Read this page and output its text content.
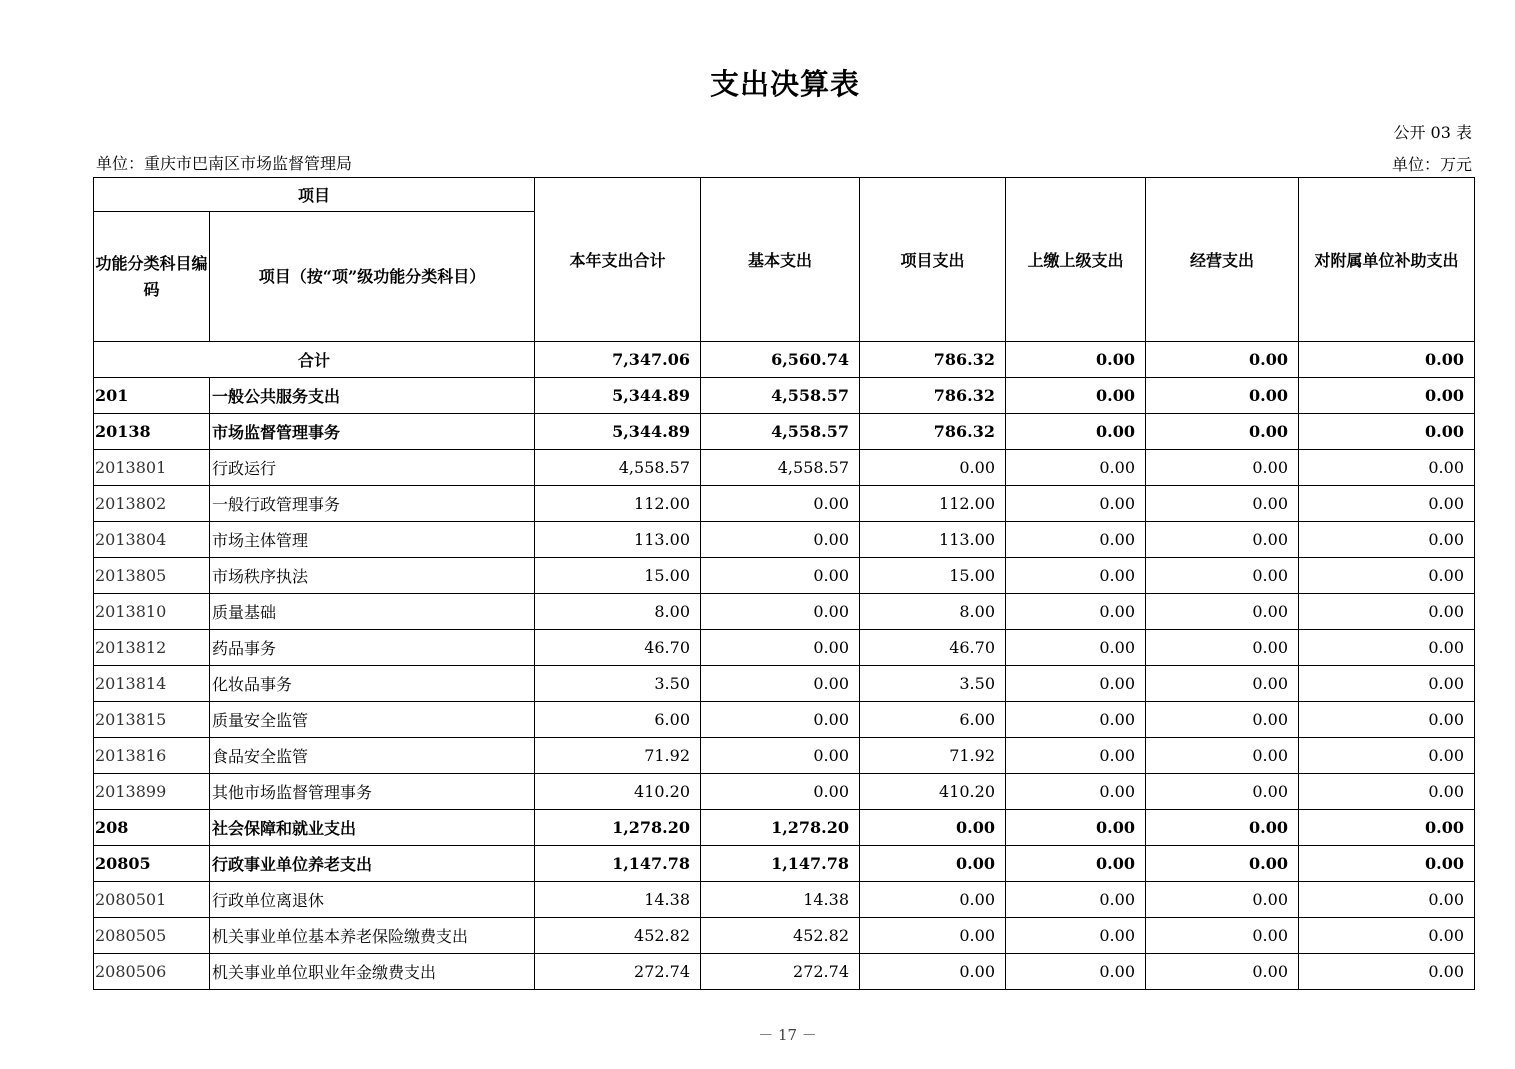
支出决算表
公开 03 表
单位：重庆市巴南区市场监督管理局	单位：万元
项目		本年支出合计	基本支出	项目支出	上缴上级支出	经营支出	对附属单位补助支出
功能分类科目编码	项目（按“项”级功能分类科目）						
合计		7,347.06	6,560.74	786.32	0.00	0.00	0.00
201	一般公共服务支出	5,344.89	4,558.57	786.32	0.00	0.00	0.00
20138	市场监督管理事务	5,344.89	4,558.57	786.32	0.00	0.00	0.00
2013801	行政运行	4,558.57	4,558.57	0.00	0.00	0.00	0.00
2013802	一般行政管理事务	112.00	0.00	112.00	0.00	0.00	0.00
2013804	市场主体管理	113.00	0.00	113.00	0.00	0.00	0.00
2013805	市场秩序执法	15.00	0.00	15.00	0.00	0.00	0.00
2013810	质量基础	8.00	0.00	8.00	0.00	0.00	0.00
2013812	药品事务	46.70	0.00	46.70	0.00	0.00	0.00
2013814	化妆品事务	3.50	0.00	3.50	0.00	0.00	0.00
2013815	质量安全监管	6.00	0.00	6.00	0.00	0.00	0.00
2013816	食品安全监管	71.92	0.00	71.92	0.00	0.00	0.00
2013899	其他市场监督管理事务	410.20	0.00	410.20	0.00	0.00	0.00
208	社会保障和就业支出	1,278.20	1,278.20	0.00	0.00	0.00	0.00
20805	行政事业单位养老支出	1,147.78	1,147.78	0.00	0.00	0.00	0.00
2080501	行政单位离退休	14.38	14.38	0.00	0.00	0.00	0.00
2080505	机关事业单位基本养老保险缴费支出	452.82	452.82	0.00	0.00	0.00	0.00
2080506	机关事业单位职业年金缴费支出	272.74	272.74	0.00	0.00	0.00	0.00
－ 17 －
